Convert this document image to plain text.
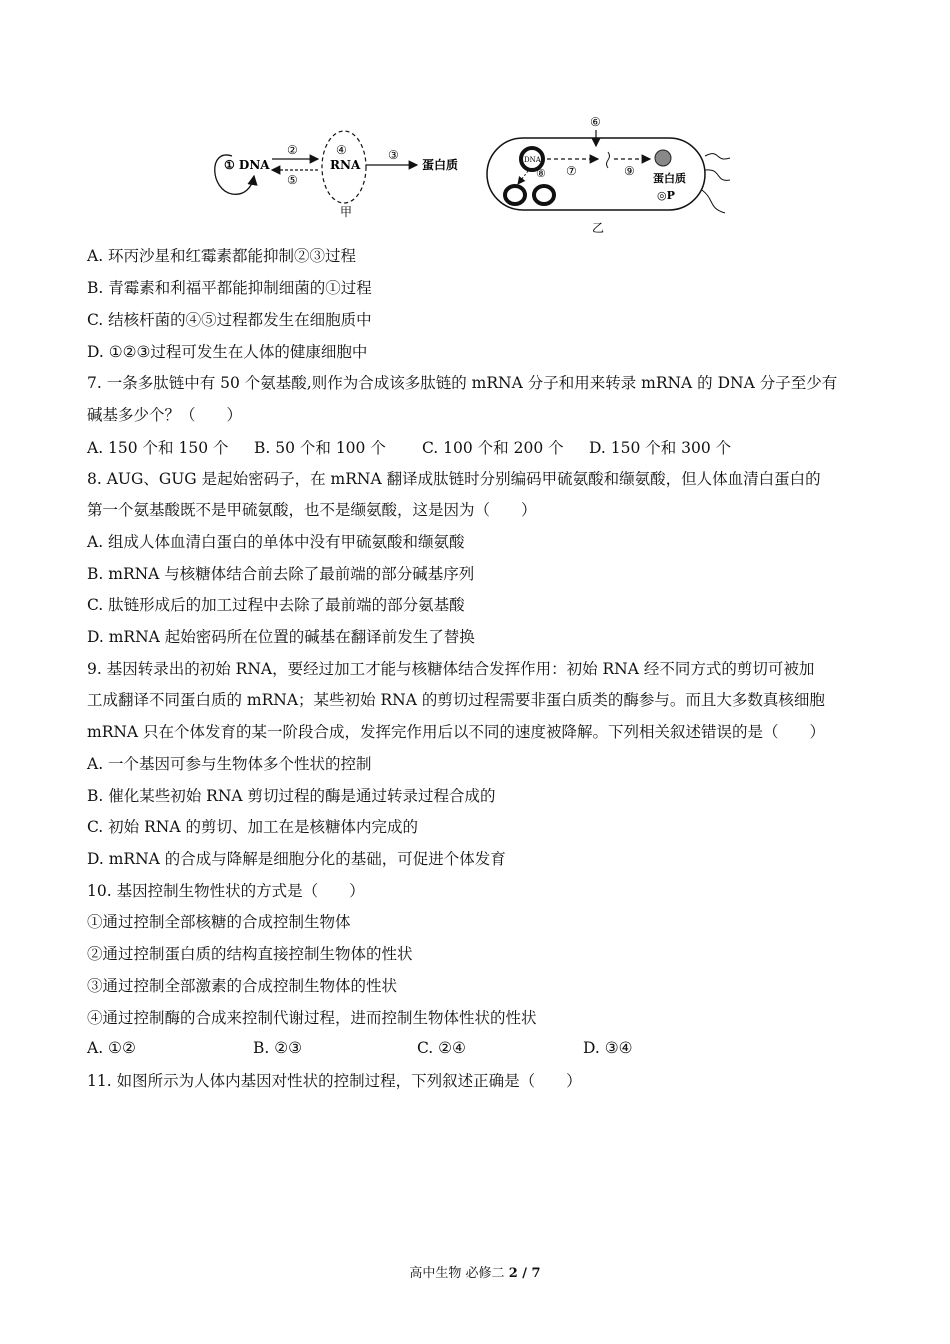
① DNA
②
⑤
④
RNA
③
蛋白质
甲
⑥
DNA
⑦
⑧	⑨
蛋白质
◎P
乙
A. 环丙沙星和红霉素都能抑制②③过程
B. 青霉素和利福平都能抑制细菌的①过程
C. 结核杆菌的④⑤过程都发生在细胞质中
D. ①②③过程可发生在人体的健康细胞中
7. 一条多肽链中有 50 个氨基酸,则作为合成该多肽链的 mRNA 分子和用来转录 mRNA 的 DNA 分子至少有
碱基多少个？（　　）
A. 150 个和 150 个 B. 50 个和 100 个 C. 100 个和 200 个 D. 150 个和 300 个
8. AUG、GUG 是起始密码子，在 mRNA 翻译成肽链时分别编码甲硫氨酸和缬氨酸，但人体血清白蛋白的
第一个氨基酸既不是甲硫氨酸，也不是缬氨酸，这是因为（　　）
A. 组成人体血清白蛋白的单体中没有甲硫氨酸和缬氨酸
B. mRNA 与核糖体结合前去除了最前端的部分碱基序列
C. 肽链形成后的加工过程中去除了最前端的部分氨基酸
D. mRNA 起始密码所在位置的碱基在翻译前发生了替换
9. 基因转录出的初始 RNA，要经过加工才能与核糖体结合发挥作用：初始 RNA 经不同方式的剪切可被加
工成翻译不同蛋白质的 mRNA；某些初始 RNA 的剪切过程需要非蛋白质类的酶参与。而且大多数真核细胞
mRNA 只在个体发育的某一阶段合成，发挥完作用后以不同的速度被降解。下列相关叙述错误的是（　　）
A. 一个基因可参与生物体多个性状的控制
B. 催化某些初始 RNA 剪切过程的酶是通过转录过程合成的
C. 初始 RNA 的剪切、加工在是核糖体内完成的
D. mRNA 的合成与降解是细胞分化的基础，可促进个体发育
10. 基因控制生物性状的方式是（　　）
①通过控制全部核糖的合成控制生物体
②通过控制蛋白质的结构直接控制生物体的性状
③通过控制全部激素的合成控制生物体的性状
④通过控制酶的合成来控制代谢过程，进而控制生物体性状的性状
A. ①②	B. ②③	C. ②④	D. ③④
11. 如图所示为人体内基因对性状的控制过程，下列叙述正确是（　　）
高中生物 必修二 2 / 7
